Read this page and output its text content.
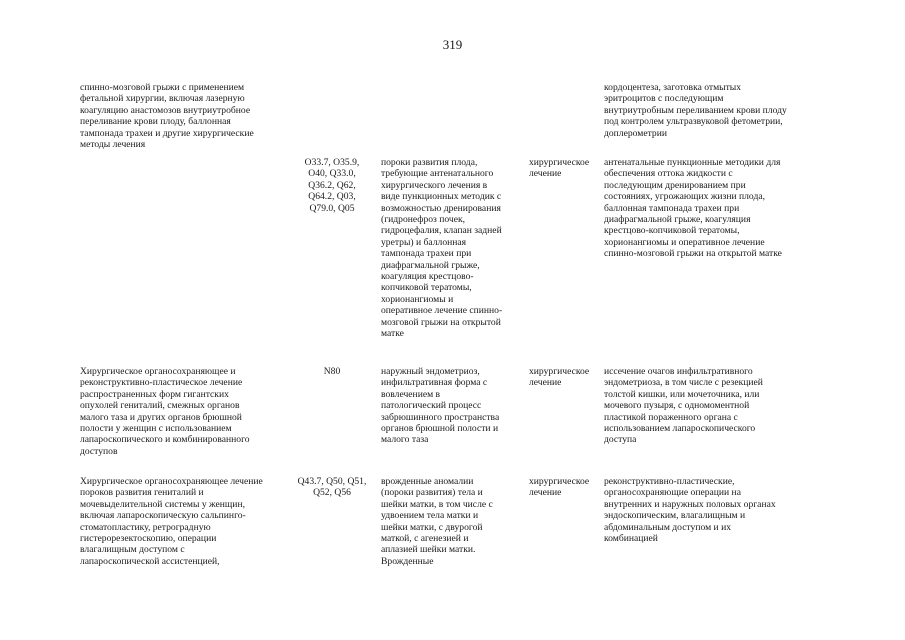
319
спинно-мозговой грыжи с применением
фетальной хирургии, включая лазерную
коагуляцию анастомозов внутриутробное
переливание крови плоду, баллонная
тампонада трахеи и другие хирургические
методы лечения
кордоцентеза, заготовка отмытых
эритроцитов с последующим
внутриутробным переливанием крови плоду
под контролем ультразвуковой фетометрии,
доплерометрии
O33.7, O35.9,
O40, Q33.0,
Q36.2, Q62,
Q64.2, Q03,
Q79.0, Q05
пороки развития плода,
требующие антенатального
хирургического лечения в
виде пункционных методик с
возможностью дренирования
(гидронефроз почек,
гидроцефалия, клапан задней
уретры) и баллонная
тампонада трахеи при
диафрагмальной грыже,
коагуляция крестцово-
копчиковой тератомы,
хорионангиомы и
оперативное лечение спинно-
мозговой грыжи на открытой
матке
хирургическое
лечение
антенатальные пункционные методики для
обеспечения оттока жидкости с
последующим дренированием при
состояниях, угрожающих жизни плода,
баллонная тампонада трахеи при
диафрагмальной грыже, коагуляция
крестцово-копчиковой тератомы,
хорионангиомы и оперативное лечение
спинно-мозговой грыжи на открытой матке
Хирургическое органосохраняющее и
реконструктивно-пластическое лечение
распространенных форм гигантских
опухолей гениталий, смежных органов
малого таза и других органов брюшной
полости у женщин с использованием
лапароскопического и комбинированного
доступов
N80	наружный эндометриоз,
инфильтративная форма с
вовлечением в
патологический процесс
забрюшинного пространства
органов брюшной полости и
малого таза
хирургическое
лечение
иссечение очагов инфильтративного
эндометриоза, в том числе с резекцией
толстой кишки, или мочеточника, или
мочевого пузыря, с одномоментной
пластикой пораженного органа с
использованием лапароскопического
доступа
Хирургическое органосохраняющее лечение
пороков развития гениталий и
мочевыделительной системы у женщин,
включая лапароскопическую сальпинго-
стоматопластику, ретроградную
гистерорезектоскопию, операции
влагалищным доступом с
лапароскопической ассистенцией,
Q43.7, Q50, Q51,
Q52, Q56
врожденные аномалии
(пороки развития) тела и
шейки матки, в том числе с
удвоением тела матки и
шейки матки, с двурогой
маткой, с агенезией и
аплазией шейки матки.
Врожденные
хирургическое
лечение
реконструктивно-пластические,
органосохраняющие операции на
внутренних и наружных половых органах
эндоскопическим, влагалищным и
абдоминальным доступом и их
комбинацией
